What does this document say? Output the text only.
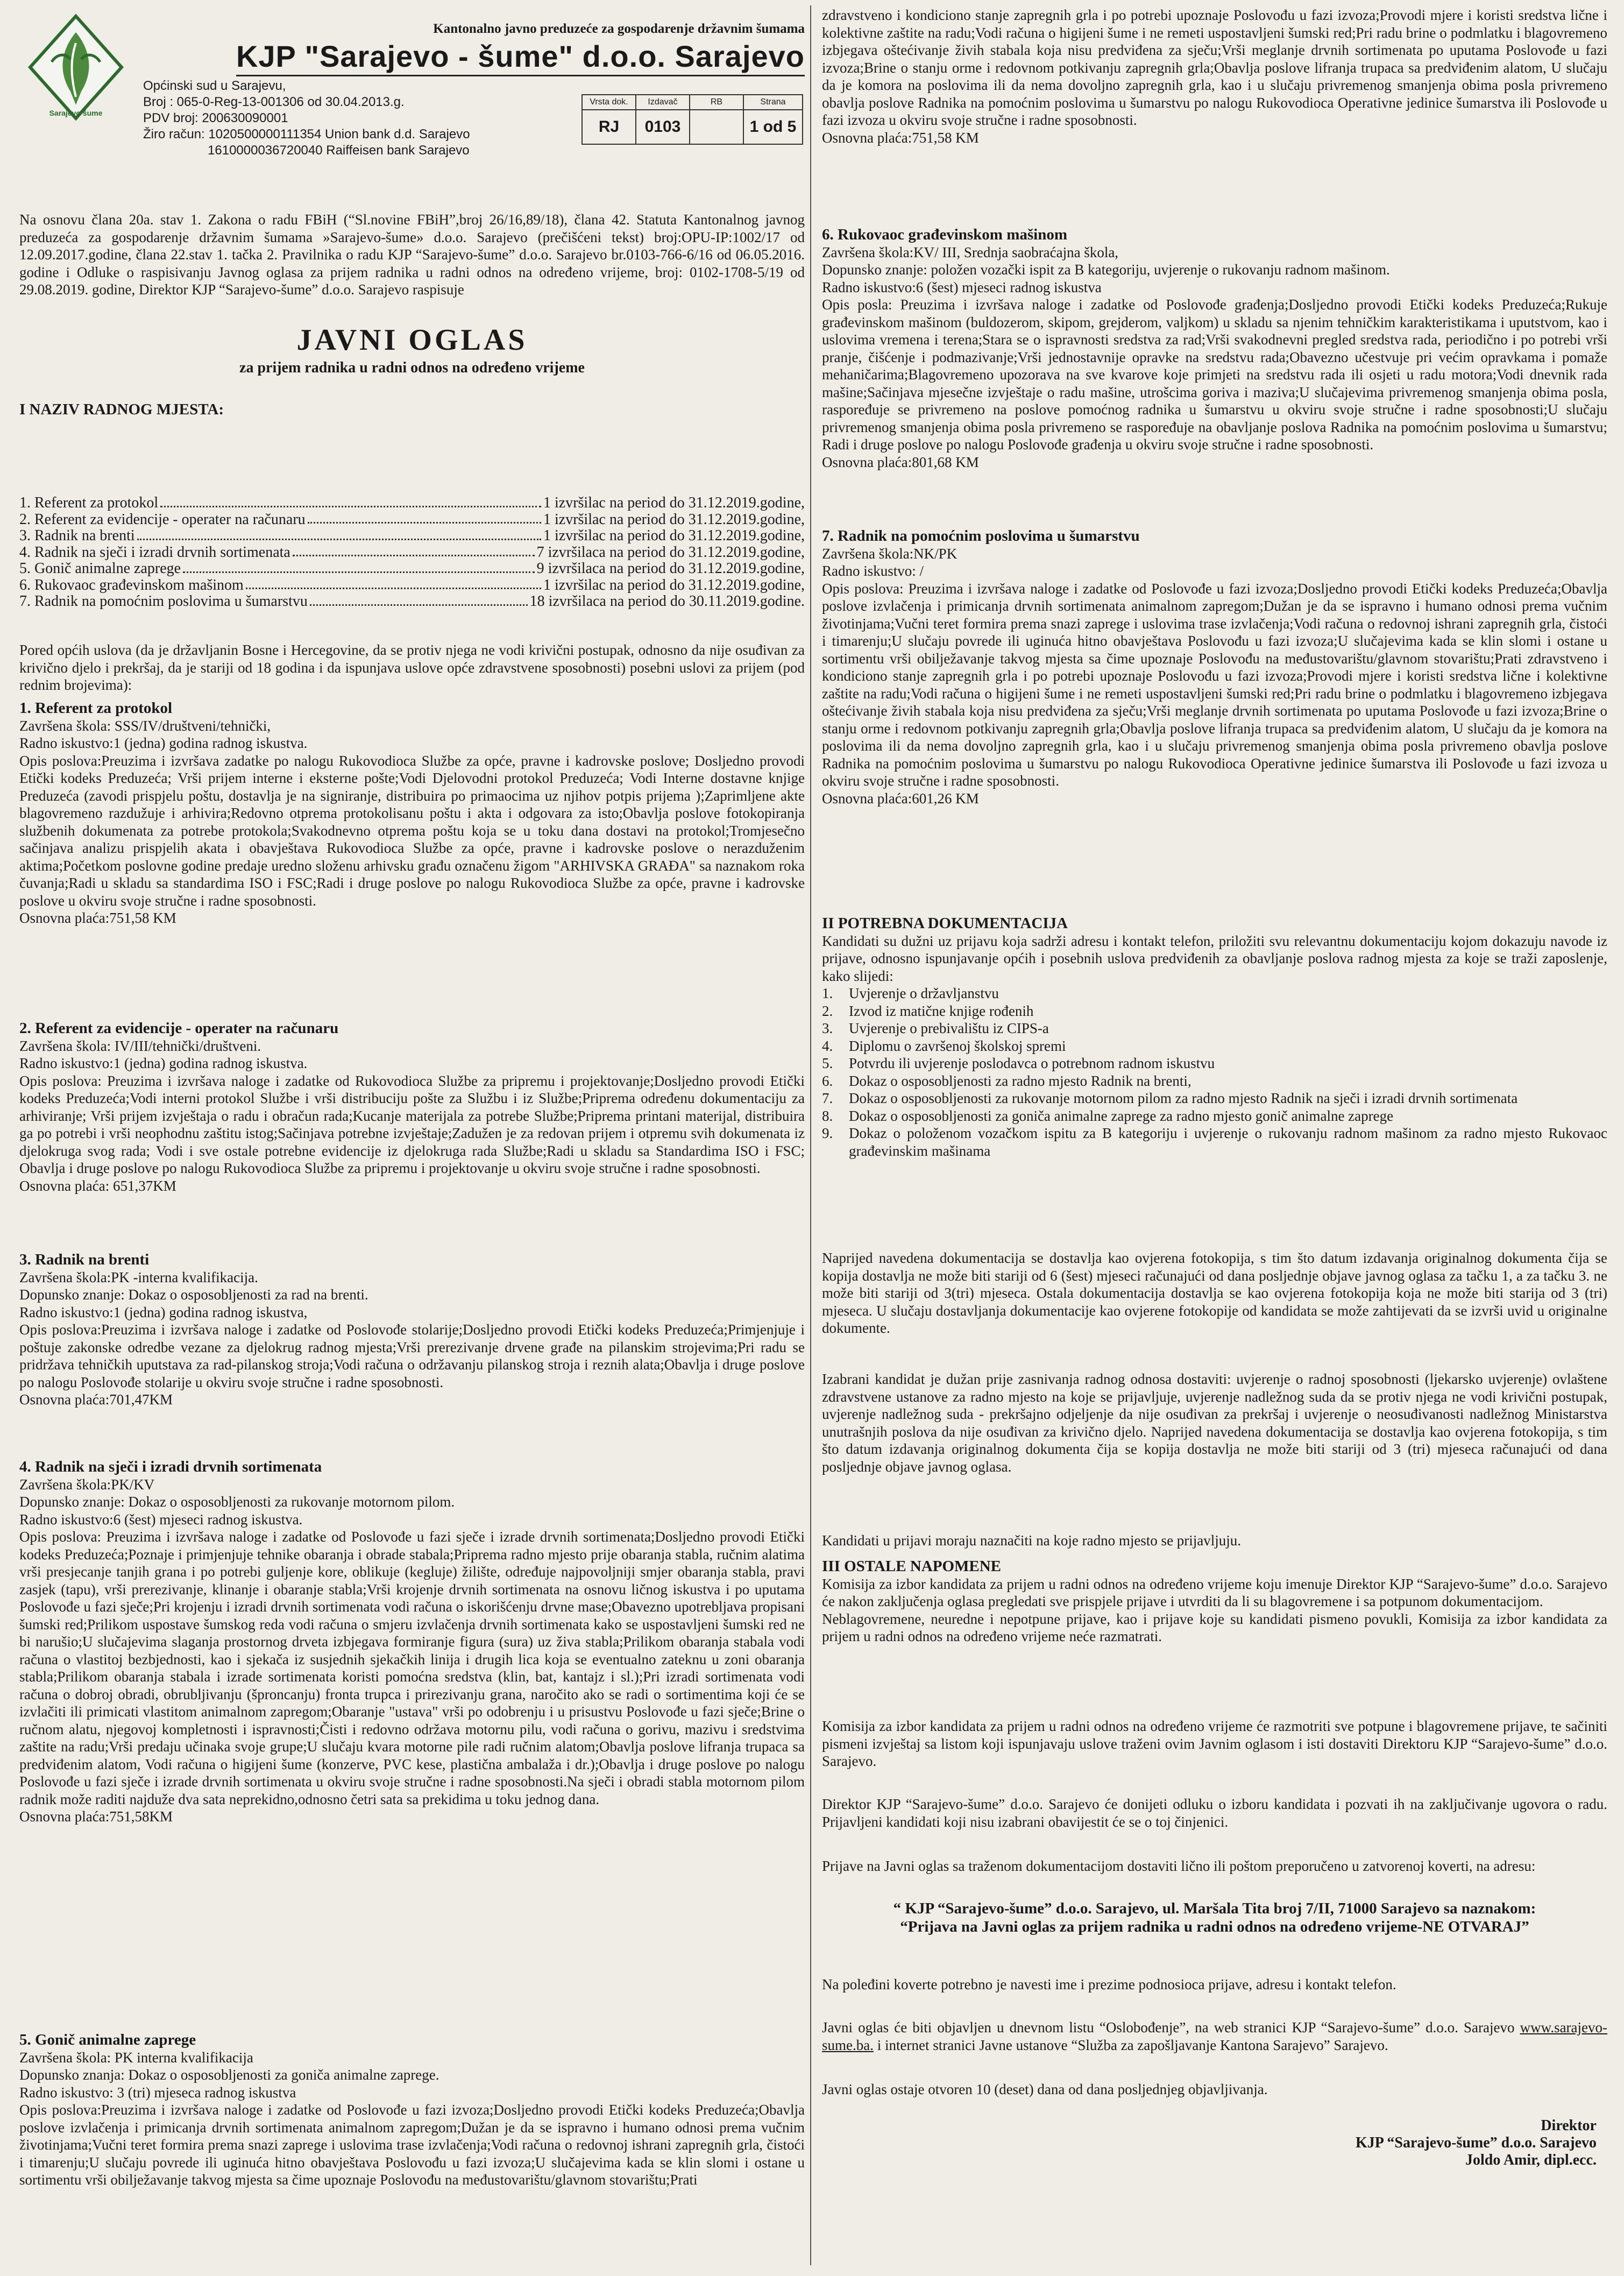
Sarajevo šume
Kantonalno javno preduzeće za gospodarenje državnim šumama
KJP "Sarajevo - šume" d.o.o. Sarajevo
Općinski sud u Sarajevu,
Broj : 065-0-Reg-13-001306 od 30.04.2013.g.
PDV broj: 200630090001
Žiro račun: 1020500000111354 Union bank d.d. Sarajevo
1610000036720040 Raiffeisen bank Sarajevo
Vrsta dok.	Izdavač	RB	Strana
RJ	0103		1 od 5

Na osnovu člana 20a. stav 1. Zakona o radu FBiH (“Sl.novine FBiH”,broj 26/16,89/18), člana 42. Statuta Kantonalnog javnog preduzeća za gospodarenje državnim šumama »Sarajevo-šume» d.o.o. Sarajevo (prečišćeni tekst) broj:OPU-IP:1002/17 od 12.09.2017.godine, člana 22.stav 1. tačka 2. Pravilnika o radu KJP “Sarajevo-šume” d.o.o. Sarajevo br.0103-766-6/16 od 06.05.2016. godine i Odluke o raspisivanju Javnog oglasa za prijem radnika u radni odnos na određeno vrijeme, broj: 0102-1708-5/19 od 29.08.2019. godine, Direktor KJP “Sarajevo-šume” d.o.o. Sarajevo raspisuje

JAVNI OGLAS
za prijem radnika u radni odnos na određeno vrijeme
I NAZIV RADNOG MJESTA:
1. Referent za protokol	1 izvršilac na period do 31.12.2019.godine,
2. Referent za evidencije - operater na računaru	1 izvršilac na period do 31.12.2019.godine,
3. Radnik na brenti	1 izvršilac na period do 31.12.2019.godine,
4. Radnik na sječi i izradi drvnih sortimenata	7 izvršilaca na period do 31.12.2019.godine,
5. Gonič animalne zaprege	9 izvršilaca na period do 31.12.2019.godine,
6. Rukovaoc građevinskom mašinom	1 izvršilac na period do 31.12.2019.godine,
7. Radnik na pomoćnim poslovima u šumarstvu	18 izvršilaca na period do 30.11.2019.godine.

Pored općih uslova (da je državljanin Bosne i Hercegovine, da se protiv njega ne vodi krivični postupak, odnosno da nije osuđivan za krivično djelo i prekršaj, da je stariji od 18 godina i da ispunjava uslove opće zdravstvene sposobnosti) posebni uslovi za prijem (pod rednim brojevima):

1. Referent za protokol

Završena škola: SSS/IV/društveni/tehnički,

Radno iskustvo:1 (jedna) godina radnog iskustva.

Opis poslova:Preuzima i izvršava zadatke po nalogu Rukovodioca Službe za opće, pravne i kadrovske poslove; Dosljedno provodi Etički kodeks Preduzeća; Vrši prijem interne i eksterne pošte;Vodi Djelovodni protokol Preduzeća; Vodi Interne dostavne knjige Preduzeća (zavodi prispjelu poštu, dostavlja je na signiranje, distribuira po primaocima uz njihov potpis prijema );Zaprimljene akte blagovremeno razdužuje i arhivira;Redovno otprema protokolisanu poštu i akta i odgovara za isto;Obavlja poslove fotokopiranja službenih dokumenata za potrebe protokola;Svakodnevno otprema poštu koja se u toku dana dostavi na protokol;Tromjesečno sačinjava analizu prispjelih akata i obavještava Rukovodioca Službe za opće, pravne i kadrovske poslove o nerazduženim aktima;Početkom poslovne godine predaje uredno složenu arhivsku građu označenu žigom "ARHIVSKA GRAĐA" sa naznakom roka čuvanja;Radi u skladu sa standardima ISO i FSC;Radi i druge poslove po nalogu Rukovodioca Službe za opće, pravne i kadrovske poslove u okviru svoje stručne i radne sposobnosti.

Osnovna plaća:751,58 KM

2. Referent za evidencije - operater na računaru

Završena škola: IV/III/tehnički/društveni.

Radno iskustvo:1 (jedna) godina radnog iskustva.

Opis poslova: Preuzima i izvršava naloge i zadatke od Rukovodioca Službe za pripremu i projektovanje;Dosljedno provodi Etički kodeks Preduzeća;Vodi interni protokol Službe i vrši distribuciju pošte za Službu i iz Službe;Priprema određenu dokumentaciju za arhiviranje; Vrši prijem izvještaja o radu i obračun rada;Kucanje materijala za potrebe Službe;Priprema printani materijal, distribuira ga po potrebi i vrši neophodnu zaštitu istog;Sačinjava potrebne izvještaje;Zadužen je za redovan prijem i otpremu svih dokumenata iz djelokruga svog rada; Vodi i sve ostale potrebne evidencije iz djelokruga rada Službe;Radi u skladu sa Standardima ISO i FSC; Obavlja i druge poslove po nalogu Rukovodioca Službe za pripremu i projektovanje u okviru svoje stručne i radne sposobnosti.

Osnovna plaća: 651,37KM

3. Radnik na brenti

Završena škola:PK -interna kvalifikacija.

Dopunsko znanje: Dokaz o osposobljenosti za rad na brenti.

Radno iskustvo:1 (jedna) godina radnog iskustva,

Opis poslova:Preuzima i izvršava naloge i zadatke od Poslovođe stolarije;Dosljedno provodi Etički kodeks Preduzeća;Primjenjuje i poštuje zakonske odredbe vezane za djelokrug radnog mjesta;Vrši prerezivanje drvene građe na pilanskim strojevima;Pri radu se pridržava tehničkih uputstava za rad-pilanskog stroja;Vodi računa o održavanju pilanskog stroja i reznih alata;Obavlja i druge poslove po nalogu Poslovođe stolarije u okviru svoje stručne i radne sposobnosti.

Osnovna plaća:701,47KM

4. Radnik na sječi i izradi drvnih sortimenata

Završena škola:PK/KV

Dopunsko znanje: Dokaz o osposobljenosti za rukovanje motornom pilom.

Radno iskustvo:6 (šest) mjeseci radnog iskustva.

Opis poslova: Preuzima i izvršava naloge i zadatke od Poslovođe u fazi sječe i izrade drvnih sortimenata;Dosljedno provodi Etički kodeks Preduzeća;Poznaje i primjenjuje tehnike obaranja i obrade stabala;Priprema radno mjesto prije obaranja stabla, ručnim alatima vrši presjecanje tanjih grana i po potrebi guljenje kore, oblikuje (kegluje) žilište, određuje najpovoljniji smjer obaranja stabla, pravi zasjek (tapu), vrši prerezivanje, klinanje i obaranje stabla;Vrši krojenje drvnih sortimenata na osnovu ličnog iskustva i po uputama Poslovođe u fazi sječe;Pri krojenju i izradi drvnih sortimenata vodi računa o iskorišćenju drvne mase;Obavezno upotrebljava propisani šumski red;Prilikom uspostave šumskog reda vodi računa o smjeru izvlačenja drvnih sortimenata kako se uspostavljeni šumski red ne bi narušio;U slučajevima slaganja prostornog drveta izbjegava formiranje figura (sura) uz živa stabla;Prilikom obaranja stabala vodi računa o vlastitoj bezbjednosti, kao i sjekača iz susjednih sjekačkih linija i drugih lica koja se eventualno zateknu u zoni obaranja stabla;Prilikom obaranja stabala i izrade sortimenata koristi pomoćna sredstva (klin, bat, kantajz i sl.);Pri izradi sortimenata vodi računa o dobroj obradi, obrubljivanju (šproncanju) fronta trupca i prirezivanju grana, naročito ako se radi o sortimentima koji će se izvlačiti ili primicati vlastitom animalnom zapregom;Obaranje "ustava" vrši po odobrenju i u prisustvu Poslovođe u fazi sječe;Brine o ručnom alatu, njegovoj kompletnosti i ispravnosti;Čisti i redovno održava motornu pilu, vodi računa o gorivu, mazivu i sredstvima zaštite na radu;Vrši predaju učinaka svoje grupe;U slučaju kvara motorne pile radi ručnim alatom;Obavlja poslove lifranja trupaca sa predviđenim alatom, Vodi računa o higijeni šume (konzerve, PVC kese, plastična ambalaža i dr.);Obavlja i druge poslove po nalogu Poslovođe u fazi sječe i izrade drvnih sortimenata u okviru svoje stručne i radne sposobnosti.Na sječi i obradi stabla motornom pilom radnik može raditi najduže dva sata neprekidno,odnosno četri sata sa prekidima u toku jednog dana.

Osnovna plaća:751,58KM

5. Gonič animalne zaprege

Završena škola: PK interna kvalifikacija

Dopunsko znanja: Dokaz o osposobljenosti za goniča animalne zaprege.

Radno iskustvo: 3 (tri) mjeseca radnog iskustva

Opis poslova:Preuzima i izvršava naloge i zadatke od Poslovođe u fazi izvoza;Dosljedno provodi Etički kodeks Preduzeća;Obavlja poslove izvlačenja i primicanja drvnih sortimenata animalnom zapregom;Dužan je da se ispravno i humano odnosi prema vučnim životinjama;Vučni teret formira prema snazi zaprege i uslovima trase izvlačenja;Vodi računa o redovnoj ishrani zapregnih grla, čistoći i timarenju;U slučaju povrede ili uginuća hitno obavještava Poslovođu u fazi izvoza;U slučajevima kada se klin slomi i ostane u sortimentu vrši obilježavanje takvog mjesta sa čime upoznaje Poslovođu na međustovarištu/glavnom stovarištu;Prati

zdravstveno i kondiciono stanje zapregnih grla i po potrebi upoznaje Poslovođu u fazi izvoza;Provodi mjere i koristi sredstva lične i kolektivne zaštite na radu;Vodi računa o higijeni šume i ne remeti uspostavljeni šumski red;Pri radu brine o podmlatku i blagovremeno izbjegava oštećivanje živih stabala koja nisu predviđena za sječu;Vrši meglanje drvnih sortimenata po uputama Poslovođe u fazi izvoza;Brine o stanju orme i redovnom potkivanju zapregnih grla;Obavlja poslove lifranja trupaca sa predviđenim alatom, U slučaju da je komora na poslovima ili da nema dovoljno zapregnih grla, kao i u slučaju privremenog smanjenja obima posla privremeno obavlja poslove Radnika na pomoćnim poslovima u šumarstvu po nalogu Rukovodioca Operativne jedinice šumarstva ili Poslovođe u fazi izvoza u okviru svoje stručne i radne sposobnosti.

Osnovna plaća:751,58 KM

6. Rukovaoc građevinskom mašinom

Završena škola:KV/ III, Srednja saobraćajna škola,

Dopunsko znanje: položen vozački ispit za B kategoriju, uvjerenje o rukovanju radnom mašinom.

Radno iskustvo:6 (šest) mjeseci radnog iskustva

Opis posla: Preuzima i izvršava naloge i zadatke od Poslovođe građenja;Dosljedno provodi Etički kodeks Preduzeća;Rukuje građevinskom mašinom (buldozerom, skipom, grejderom, valjkom) u skladu sa njenim tehničkim karakteristikama i uputstvom, kao i uslovima vremena i terena;Stara se o ispravnosti sredstva za rad;Vrši svakodnevni pregled sredstva rada, periodično i po potrebi vrši pranje, čišćenje i podmazivanje;Vrši jednostavnije opravke na sredstvu rada;Obavezno učestvuje pri većim opravkama i pomaže mehaničarima;Blagovremeno upozorava na sve kvarove koje primjeti na sredstvu rada ili osjeti u radu motora;Vodi dnevnik rada mašine;Sačinjava mjesečne izvještaje o radu mašine, utrošcima goriva i maziva;U slučajevima privremenog smanjenja obima posla, raspoređuje se privremeno na poslove pomoćnog radnika u šumarstvu u okviru svoje stručne i radne sposobnosti;U slučaju privremenog smanjenja obima posla privremeno se raspoređuje na obavljanje poslova Radnika na pomoćnim poslovima u šumarstvu; Radi i druge poslove po nalogu Poslovođe građenja u okviru svoje stručne i radne sposobnosti.

Osnovna plaća:801,68 KM

7. Radnik na pomoćnim poslovima u šumarstvu

Završena škola:NK/PK

Radno iskustvo: /

Opis poslova: Preuzima i izvršava naloge i zadatke od Poslovođe u fazi izvoza;Dosljedno provodi Etički kodeks Preduzeća;Obavlja poslove izvlačenja i primicanja drvnih sortimenata animalnom zapregom;Dužan je da se ispravno i humano odnosi prema vučnim životinjama;Vučni teret formira prema snazi zaprege i uslovima trase izvlačenja;Vodi računa o redovnoj ishrani zapregnih grla, čistoći i timarenju;U slučaju povrede ili uginuća hitno obavještava Poslovođu u fazi izvoza;U slučajevima kada se klin slomi i ostane u sortimentu vrši obilježavanje takvog mjesta sa čime upoznaje Poslovođu na međustovarištu/glavnom stovarištu;Prati zdravstveno i kondiciono stanje zapregnih grla i po potrebi upoznaje Poslovođu u fazi izvoza;Provodi mjere i koristi sredstva lične i kolektivne zaštite na radu;Vodi računa o higijeni šume i ne remeti uspostavljeni šumski red;Pri radu brine o podmlatku i blagovremeno izbjegava oštećivanje živih stabala koja nisu predviđena za sječu;Vrši meglanje drvnih sortimenata po uputama Poslovođe u fazi izvoza;Brine o stanju orme i redovnom potkivanju zapregnih grla;Obavlja poslove lifranja trupaca sa predviđenim alatom, U slučaju da je komora na poslovima ili da nema dovoljno zapregnih grla, kao i u slučaju privremenog smanjenja obima posla privremeno obavlja poslove Radnika na pomoćnim poslovima u šumarstvu po nalogu Rukovodioca Operativne jedinice šumarstva ili Poslovođe u fazi izvoza u okviru svoje stručne i radne sposobnosti.

Osnovna plaća:601,26 KM

II POTREBNA DOKUMENTACIJA

Kandidati su dužni uz prijavu koja sadrži adresu i kontakt telefon, priložiti svu relevantnu dokumentaciju kojom dokazuju navode iz prijave, odnosno ispunjavanje općih i posebnih uslova predviđenih za obavljanje poslova radnog mjesta za koje se traži zaposlenje, kako slijedi:

1.	Uvjerenje o državljanstvu
2.	Izvod iz matične knjige rođenih
3.	Uvjerenje o prebivalištu iz CIPS-a
4.	Diplomu o završenoj školskoj spremi
5.	Potvrdu ili uvjerenje poslodavca o potrebnom radnom iskustvu
6.	Dokaz o osposobljenosti za radno mjesto Radnik na brenti,
7.	Dokaz o osposobljenosti za rukovanje motornom pilom za radno mjesto Radnik na sječi i izradi drvnih sortimenata
8.	Dokaz o osposobljenosti za goniča animalne zaprege za radno mjesto gonič animalne zaprege
9.	Dokaz o položenom vozačkom ispitu za B kategoriju i uvjerenje o rukovanju radnom mašinom za radno mjesto Rukovaoc građevinskim mašinama

Naprijed navedena dokumentacija se dostavlja kao ovjerena fotokopija, s tim što datum izdavanja originalnog dokumenta čija se kopija dostavlja ne može biti stariji od 6 (šest) mjeseci računajući od dana posljednje objave javnog oglasa za tačku 1, a za tačku 3. ne može biti stariji od 3(tri) mjeseca. Ostala dokumentacija dostavlja se kao ovjerena fotokopija koja ne može biti starija od 3 (tri) mjeseca. U slučaju dostavljanja dokumentacije kao ovjerene fotokopije od kandidata se može zahtijevati da se izvrši uvid u originalne dokumente.

Izabrani kandidat je dužan prije zasnivanja radnog odnosa dostaviti: uvjerenje o radnoj sposobnosti (ljekarsko uvjerenje) ovlaštene zdravstvene ustanove za radno mjesto na koje se prijavljuje, uvjerenje nadležnog suda da se protiv njega ne vodi krivični postupak, uvjerenje nadležnog suda - prekršajno odjeljenje da nije osuđivan za prekršaj i uvjerenje o neosuđivanosti nadležnog Ministarstva unutrašnjih poslova da nije osuđivan za krivično djelo. Naprijed navedena dokumentacija se dostavlja kao ovjerena fotokopija, s tim što datum izdavanja originalnog dokumenta čija se kopija dostavlja ne može biti stariji od 3 (tri) mjeseca računajući od dana posljednje objave javnog oglasa.

Kandidati u prijavi moraju naznačiti na koje radno mjesto se prijavljuju.

III OSTALE NAPOMENE

Komisija za izbor kandidata za prijem u radni odnos na određeno vrijeme koju imenuje Direktor KJP “Sarajevo-šume” d.o.o. Sarajevo će nakon zaključenja oglasa pregledati sve prispjele prijave i utvrditi da li su blagovremene i sa potpunom dokumentacijom.

Neblagovremene, neuredne i nepotpune prijave, kao i prijave koje su kandidati pismeno povukli, Komisija za izbor kandidata za prijem u radni odnos na određeno vrijeme neće razmatrati.

Komisija za izbor kandidata za prijem u radni odnos na određeno vrijeme će razmotriti sve potpune i blagovremene prijave, te sačiniti pismeni izvještaj sa listom koji ispunjavaju uslove traženi ovim Javnim oglasom i isti dostaviti Direktoru KJP “Sarajevo-šume” d.o.o. Sarajevo.

Direktor KJP “Sarajevo-šume” d.o.o. Sarajevo će donijeti odluku o izboru kandidata i pozvati ih na zaključivanje ugovora o radu. Prijavljeni kandidati koji nisu izabrani obavijestit će se o toj činjenici.

Prijave na Javni oglas sa traženom dokumentacijom dostaviti lično ili poštom preporučeno u zatvorenoj koverti, na adresu:

“ KJP “Sarajevo-šume” d.o.o. Sarajevo, ul. Maršala Tita broj 7/II, 71000 Sarajevo sa naznakom:
“Prijava na Javni oglas za prijem radnika u radni odnos na određeno vrijeme-NE OTVARAJ”

Na poleđini koverte potrebno je navesti ime i prezime podnosioca prijave, adresu i kontakt telefon.

Javni oglas će biti objavljen u dnevnom listu “Oslobođenje”, na web stranici KJP “Sarajevo-šume” d.o.o. Sarajevo www.sarajevo-sume.ba. i internet stranici Javne ustanove “Služba za zapošljavanje Kantona Sarajevo” Sarajevo.

Javni oglas ostaje otvoren 10 (deset) dana od dana posljednjeg objavljivanja.

Direktor
KJP “Sarajevo-šume” d.o.o. Sarajevo
Joldo Amir, dipl.ecc.
